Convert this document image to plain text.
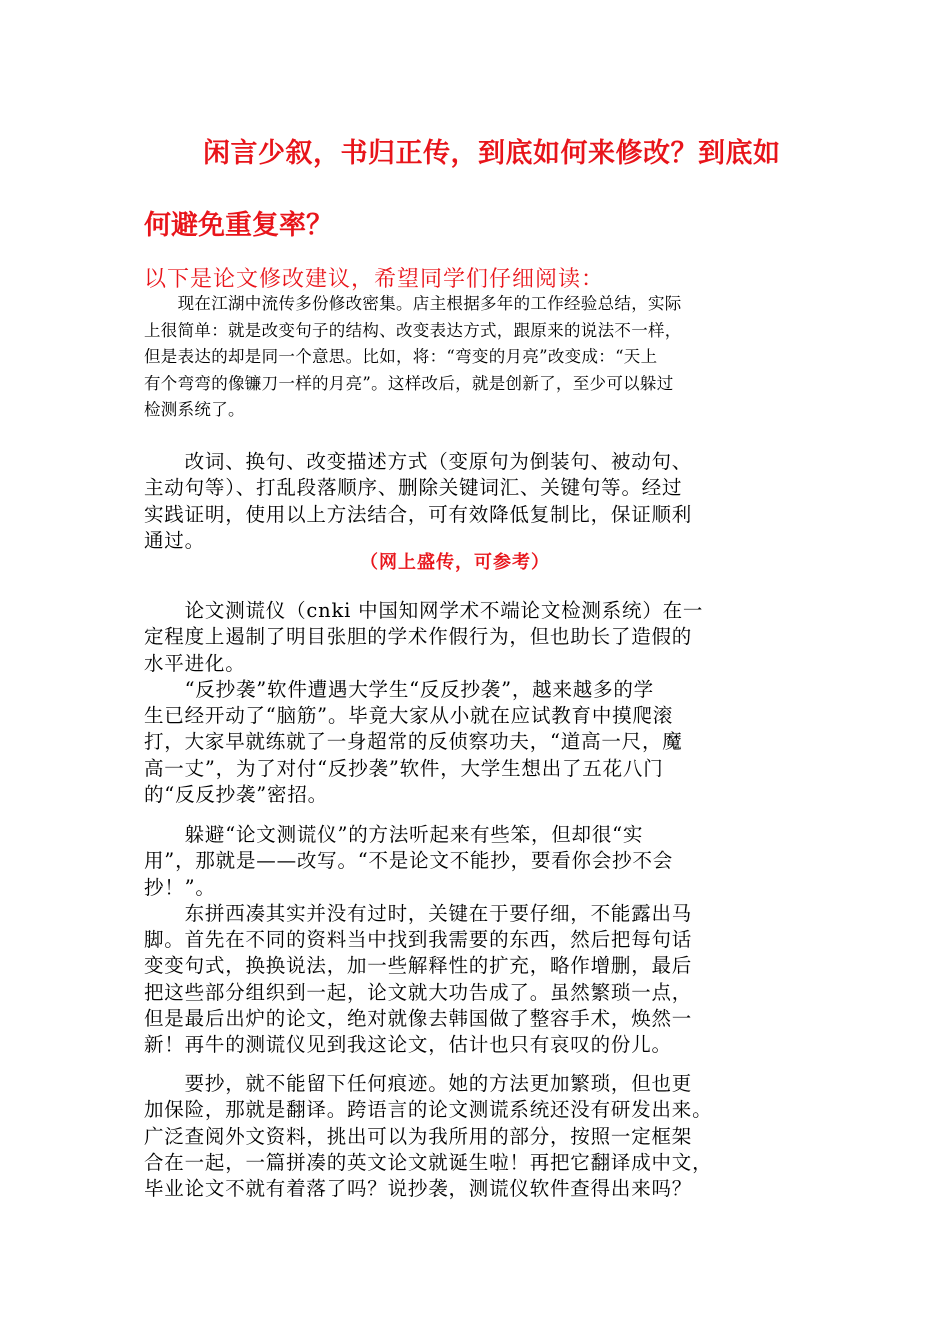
闲言少叙，书归正传，到底如何来修改？到底如
何避免重复率？
以下是论文修改建议，希望同学们仔细阅读：
　　现在江湖中流传多份修改密集。店主根据多年的工作经验总结，实际
上很简单：就是改变句子的结构、改变表达方式，跟原来的说法不一样，
但是表达的却是同一个意思。比如，将：“弯变的月亮”改变成：“天上
有个弯弯的像镰刀一样的月亮”。这样改后，就是创新了，至少可以躲过
检测系统了。
　　改词、换句、改变描述方式（变原句为倒装句、被动句、
主动句等）、打乱段落顺序、删除关键词汇、关键句等。经过
实践证明，使用以上方法结合，可有效降低复制比，保证顺利
通过。
（网上盛传，可参考）
　　论文测谎仪（cnki 中国知网学术不端论文检测系统）在一
定程度上遏制了明目张胆的学术作假行为，但也助长了造假的
水平进化。
　　“反抄袭”软件遭遇大学生“反反抄袭”，越来越多的学
生已经开动了“脑筋”。毕竟大家从小就在应试教育中摸爬滚
打，大家早就练就了一身超常的反侦察功夫，“道高一尺，魔
高一丈”，为了对付“反抄袭”软件，大学生想出了五花八门
的“反反抄袭”密招。
　　躲避“论文测谎仪”的方法听起来有些笨，但却很“实
用”，那就是——改写。“不是论文不能抄，要看你会抄不会
抄！”。
　　东拼西凑其实并没有过时，关键在于要仔细，不能露出马
脚。首先在不同的资料当中找到我需要的东西，然后把每句话
变变句式，换换说法，加一些解释性的扩充，略作增删，最后
把这些部分组织到一起，论文就大功告成了。虽然繁琐一点，
但是最后出炉的论文，绝对就像去韩国做了整容手术，焕然一
新！再牛的测谎仪见到我这论文，估计也只有哀叹的份儿。
　　要抄，就不能留下任何痕迹。她的方法更加繁琐，但也更
加保险，那就是翻译。跨语言的论文测谎系统还没有研发出来。
广泛查阅外文资料，挑出可以为我所用的部分，按照一定框架
合在一起，一篇拼凑的英文论文就诞生啦！再把它翻译成中文，
毕业论文不就有着落了吗？说抄袭，测谎仪软件查得出来吗？
